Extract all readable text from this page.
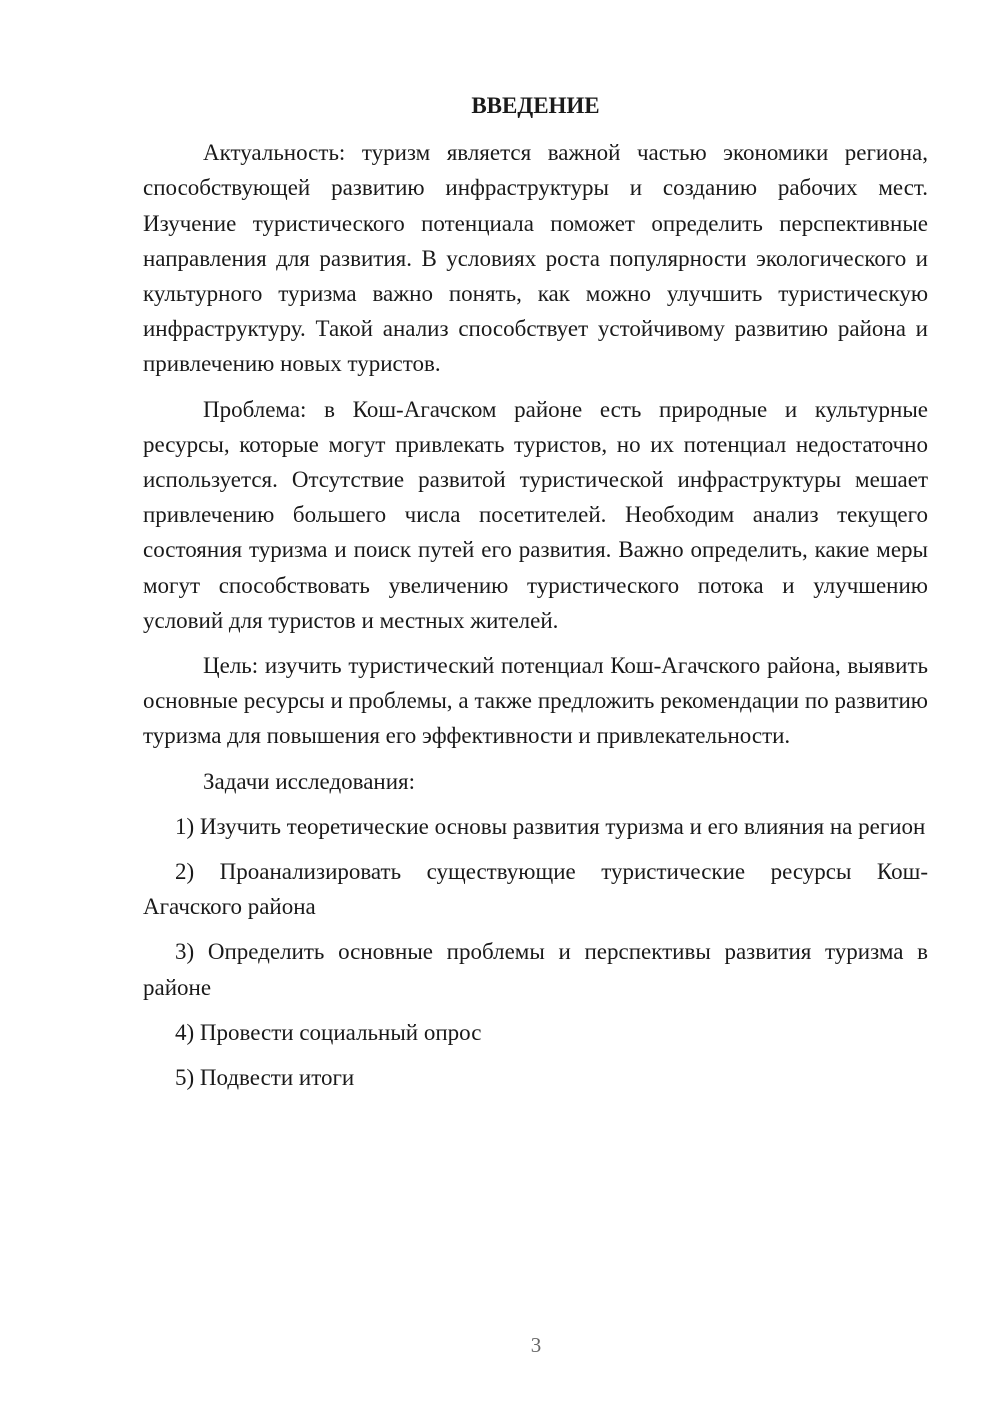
ВВЕДЕНИЕ

Актуальность: туризм является важной частью экономики региона, способствующей развитию инфраструктуры и созданию рабочих мест. Изучение туристического потенциала поможет определить перспективные направления для развития. В условиях роста популярности экологического и культурного туризма важно понять, как можно улучшить туристическую инфраструктуру. Такой анализ способствует устойчивому развитию района и привлечению новых туристов.

Проблема: в Кош-Агачском районе есть природные и культурные ресурсы, которые могут привлекать туристов, но их потенциал недостаточно используется. Отсутствие развитой туристической инфраструктуры мешает привлечению большего числа посетителей. Необходим анализ текущего состояния туризма и поиск путей его развития. Важно определить, какие меры могут способствовать увеличению туристического потока и улучшению условий для туристов и местных жителей.

Цель: изучить туристический потенциал Кош-Агачского района, выявить основные ресурсы и проблемы, а также предложить рекомендации по развитию туризма для повышения его эффективности и привлекательности.

Задачи исследования:

1) Изучить теоретические основы развития туризма и его влияния на регион

2) Проанализировать существующие туристические ресурсы Кош-Агачского района

3) Определить основные проблемы и перспективы развития туризма в районе

4) Провести социальный опрос

5) Подвести итоги

3
